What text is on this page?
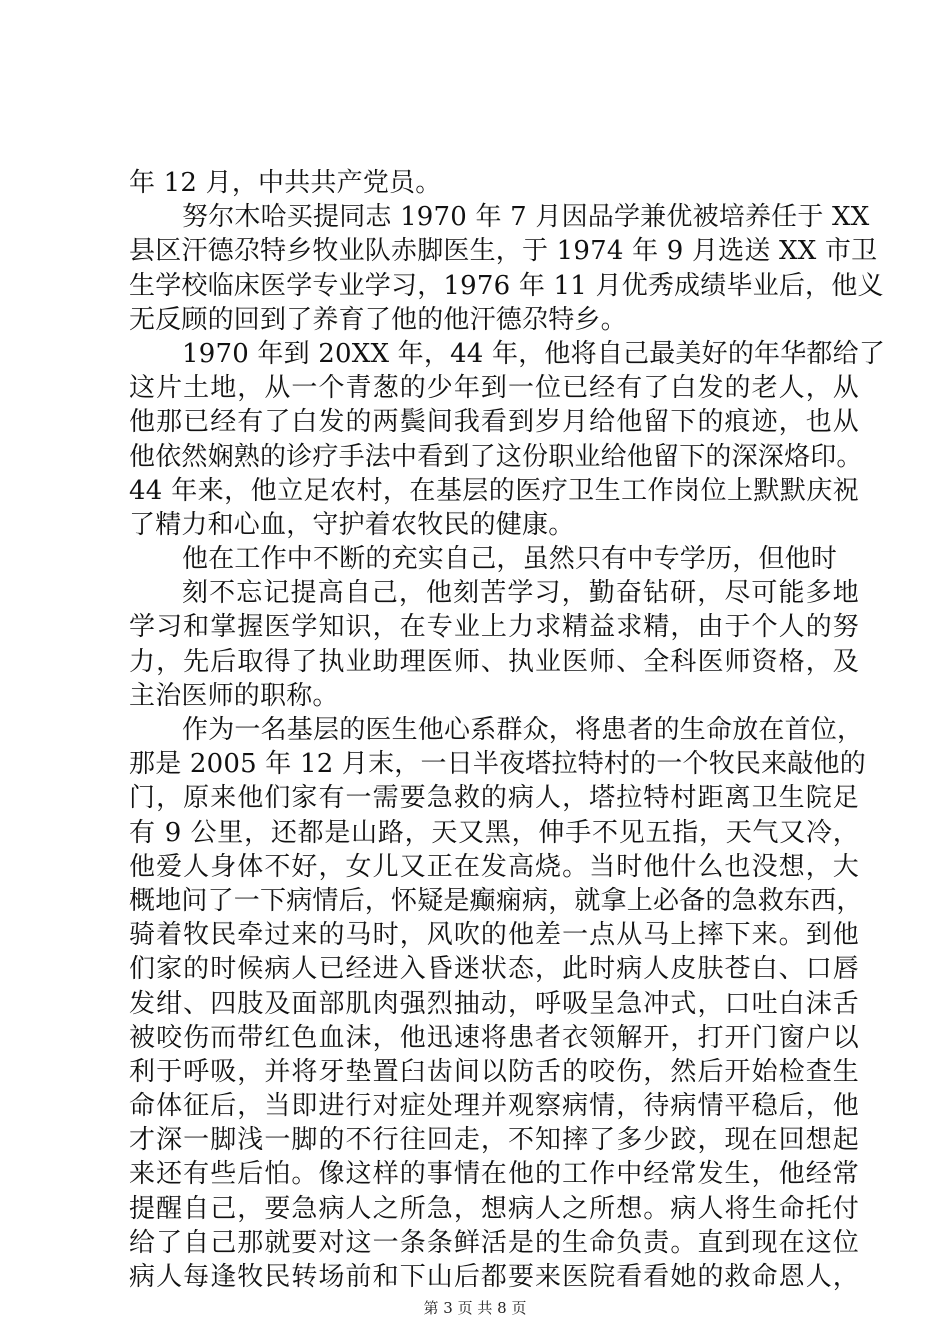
年 12 月，中共共产党员。
努尔木哈买提同志 1970 年 7 月因品学兼优被培养任于 XX
县区汗德尕特乡牧业队赤脚医生，于 1974 年 9 月选送 XX 市卫
生学校临床医学专业学习，1976 年 11 月优秀成绩毕业后，他义
无反顾的回到了养育了他的他汗德尕特乡。
1970 年到 20XX 年，44 年，他将自己最美好的年华都给了
这片土地，从一个青葱的少年到一位已经有了白发的老人，从
他那已经有了白发的两鬓间我看到岁月给他留下的痕迹，也从
他依然娴熟的诊疗手法中看到了这份职业给他留下的深深烙印。
44 年来，他立足农村，在基层的医疗卫生工作岗位上默默庆祝
了精力和心血，守护着农牧民的健康。
他在工作中不断的充实自己，虽然只有中专学历，但他时
刻不忘记提高自己，他刻苦学习，勤奋钻研，尽可能多地
学习和掌握医学知识，在专业上力求精益求精，由于个人的努
力，先后取得了执业助理医师、执业医师、全科医师资格，及
主治医师的职称。
作为一名基层的医生他心系群众，将患者的生命放在首位，
那是 2005 年 12 月末，一日半夜塔拉特村的一个牧民来敲他的
门，原来他们家有一需要急救的病人，塔拉特村距离卫生院足
有 9 公里，还都是山路，天又黑，伸手不见五指，天气又冷，
他爱人身体不好，女儿又正在发高烧。当时他什么也没想，大
概地问了一下病情后，怀疑是癫痫病，就拿上必备的急救东西，
骑着牧民牵过来的马时，风吹的他差一点从马上摔下来。到他
们家的时候病人已经进入昏迷状态，此时病人皮肤苍白、口唇
发绀、四肢及面部肌肉强烈抽动，呼吸呈急冲式，口吐白沫舌
被咬伤而带红色血沫，他迅速将患者衣领解开，打开门窗户以
利于呼吸，并将牙垫置臼齿间以防舌的咬伤，然后开始检查生
命体征后，当即进行对症处理并观察病情，待病情平稳后，他
才深一脚浅一脚的不行往回走，不知摔了多少跤，现在回想起
来还有些后怕。像这样的事情在他的工作中经常发生，他经常
提醒自己，要急病人之所急，想病人之所想。病人将生命托付
给了自己那就要对这一条条鲜活是的生命负责。直到现在这位
病人每逢牧民转场前和下山后都要来医院看看她的救命恩人，
第 3 页 共 8 页
